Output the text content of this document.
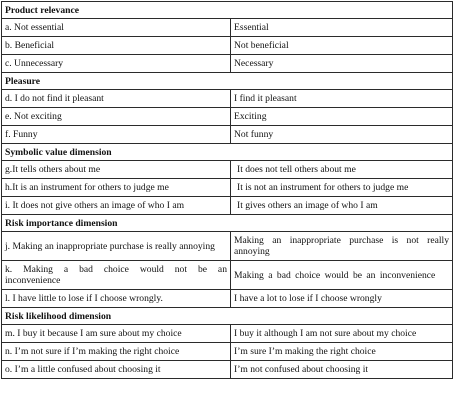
Product relevance	
a. Not essential	Essential
b. Beneficial	Not beneficial
c. Unnecessary	Necessary
Pleasure	
d. I do not find it pleasant	I find it pleasant
e. Not exciting	Exciting
f. Funny	Not funny
Symbolic value dimension	
g.It tells others about me	It does not tell others about me
h.It is an instrument for others to judge me	It is not an instrument for others to judge me
i. It does not give others an image of who I am	It gives others an image of who I am
Risk importance dimension	
j. Making an inappropriate purchase is really annoying	Making an inappropriate purchase is not really annoying
k. Making a bad choice would not be an inconvenience	Making a bad choice would be an inconvenience
l. I have little to lose if I choose wrongly.	I have a lot to lose if I choose wrongly
Risk likelihood dimension	
m. I buy it because I am sure about my choice	I buy it although I am not sure about my choice
n. I’m not sure if I’m making the right choice	I’m sure I’m making the right choice
o. I’m a little confused about choosing it	I’m not confused about choosing it
